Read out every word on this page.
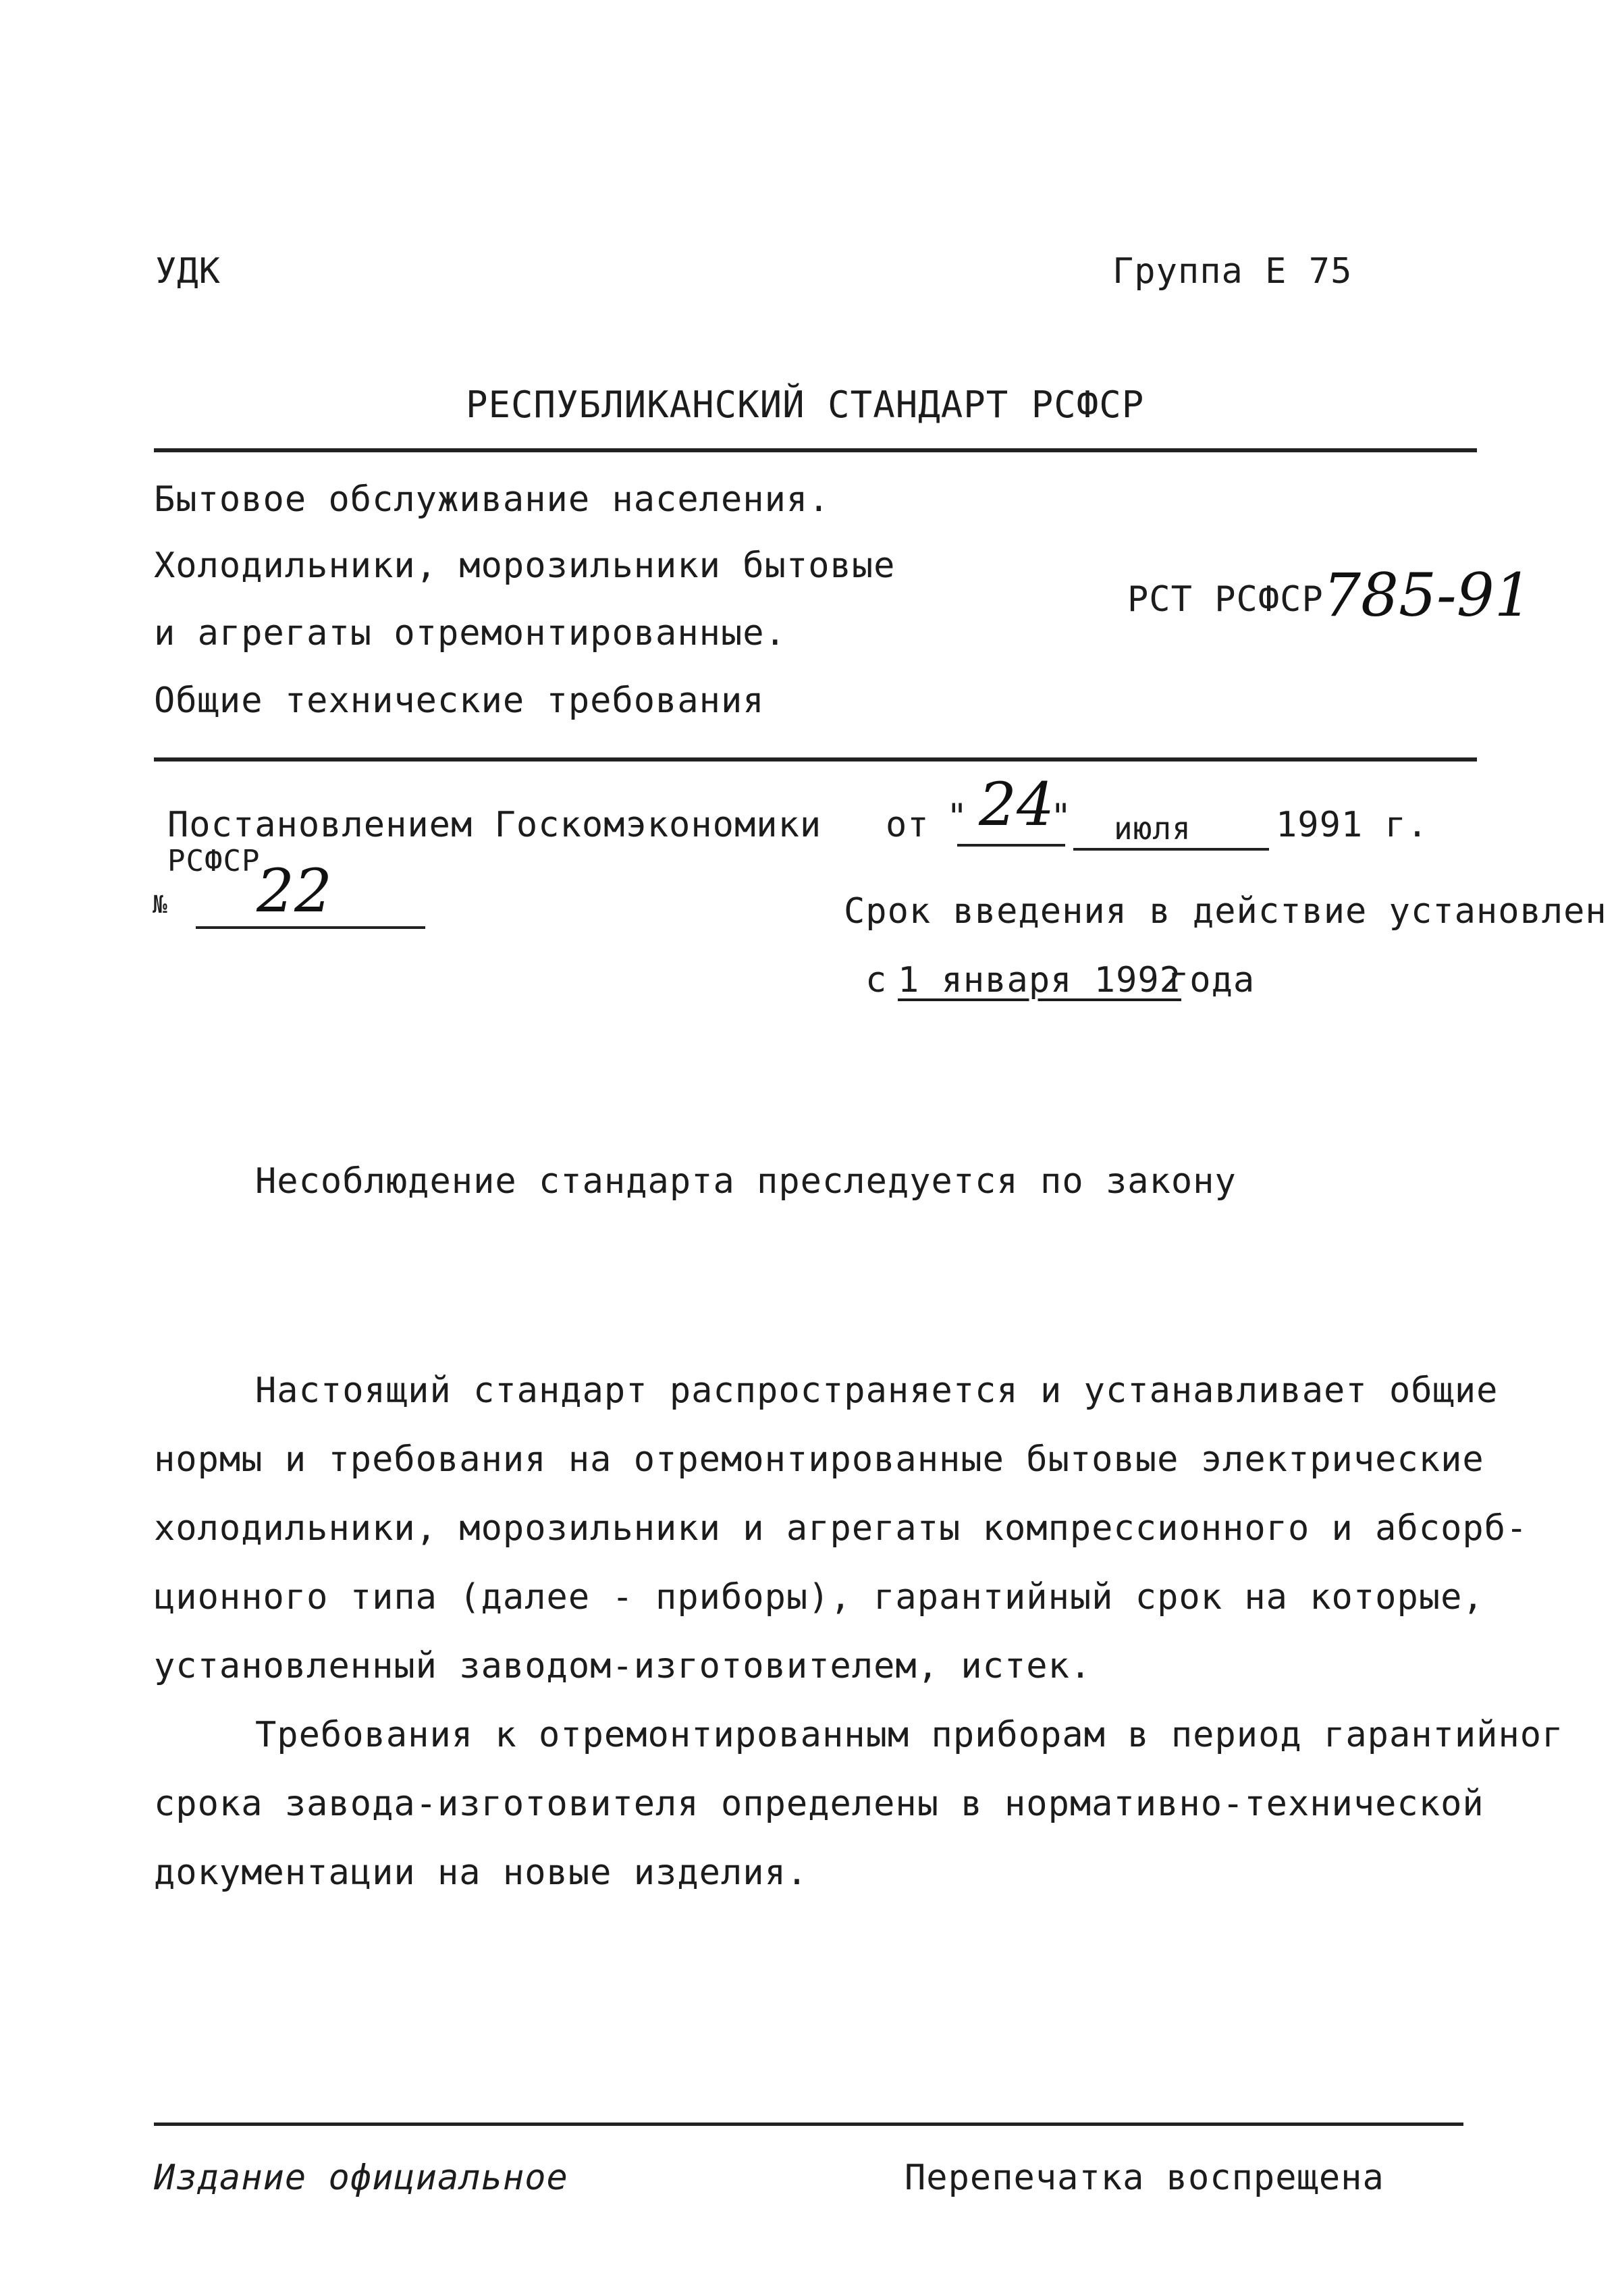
УДК	Группа Е 75
РЕСПУБЛИКАНСКИЙ СТАНДАРТ РСФСР
Бытовое обслуживание населения.
Холодильники, морозильники бытовые
и агрегаты отремонтированные.
Общие технические требования
РСТ РСФСР 785-91
Постановлением Госкомэкономики
РСФСР
№ 22
от " 24
" июля 1991 г.
Срок введения в действие установлен
с 1 января 1992
года
Несоблюдение стандарта преследуется по закону
Настоящий стандарт распространяется и устанавливает общие
нормы и требования на отремонтированные бытовые электрические
холодильники, морозильники и агрегаты компрессионного и абсорб-
ционного типа (далее - приборы), гарантийный срок на которые,
установленный заводом-изготовителем, истек.
Требования к отремонтированным приборам в период гарантийног
срока завода-изготовителя определены в нормативно-технической
документации на новые изделия.
Издание официальное	Перепечатка воспрещена
